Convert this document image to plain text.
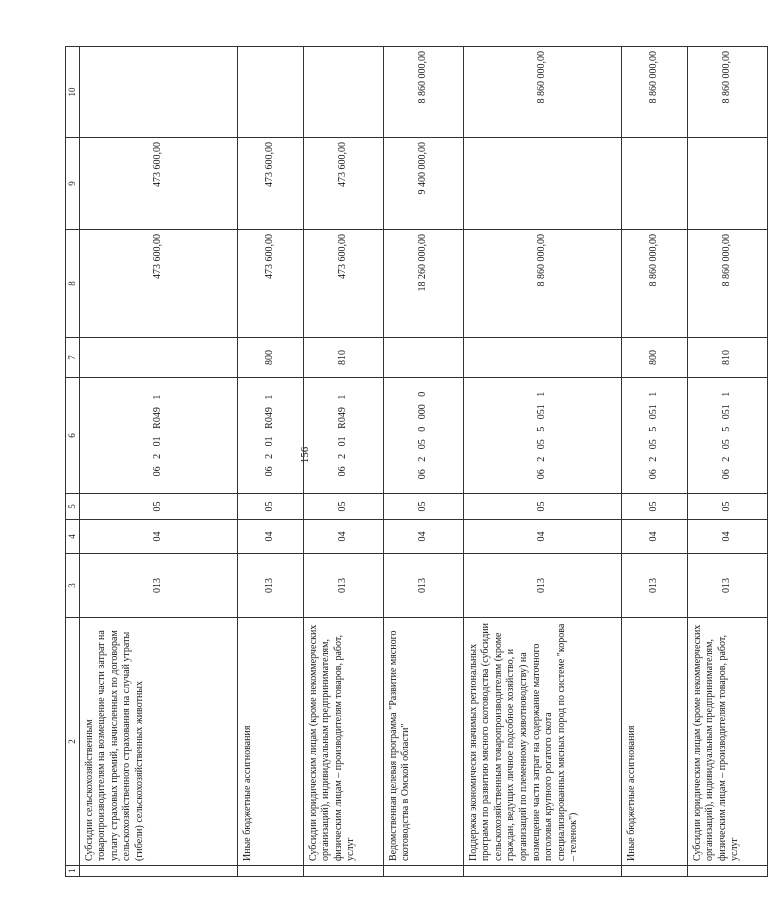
156
1	2	3	4	5	6	7	8	9	10
	Субсидии сельскохозяйственным товаропроизводителям на возмещение части затрат на уплату страховых премий, начисленных по договорам сельскохозяйственного страхования на случай утраты (гибели) сельскохозяйственных животных	013	04	05	06 2 01 R049 1		473 600,00	473 600,00	
	Иные бюджетные ассигнования	013	04	05	06 2 01 R049 1	800	473 600,00	473 600,00	
	Субсидии юридическим лицам (кроме некоммерческих организаций), индивидуальным предпринимателям, физическим лицам – производителям товаров, работ, услуг	013	04	05	06 2 01 R049 1	810	473 600,00	473 600,00	
	Ведомственная целевая программа "Развитие мясного скотоводства в Омской области"	013	04	05	06 2 05 0 000 0		18 260 000,00	9 400 000,00	8 860 000,00
	Поддержка экономически значимых региональных программ по развитию мясного скотоводства (субсидии сельскохозяйственным товаропроизводителям (кроме граждан, ведущих личное подсобное хозяйство, и организаций по племенному животноводству) на возмещение части затрат на содержание маточного поголовья крупного рогатого скота специализированных мясных пород по системе "корова – теленок")	013	04	05	06 2 05 5 051 1		8 860 000,00		8 860 000,00
	Иные бюджетные ассигнования	013	04	05	06 2 05 5 051 1	800	8 860 000,00		8 860 000,00
	Субсидии юридическим лицам (кроме некоммерческих организаций), индивидуальным предпринимателям, физическим лицам – производителям товаров, работ, услуг	013	04	05	06 2 05 5 051 1	810	8 860 000,00		8 860 000,00
